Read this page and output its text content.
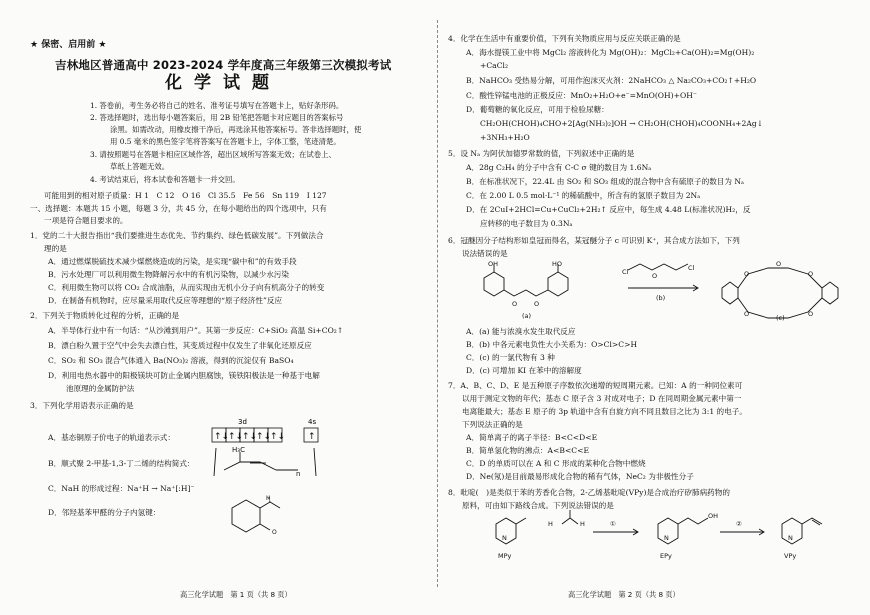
★ 保密、启用前 ★
吉林地区普通高中 2023-2024 学年度高三年级第三次模拟考试
化学试题
1. 答卷前，考生务必将自己的姓名、准考证号填写在答题卡上，贴好条形码。
2. 答选择题时，选出每小题答案后，用 2B 铅笔把答题卡对应题目的答案标号
涂黑。如需改动，用橡皮擦干净后，再选涂其他答案标号。答非选择题时，使
用 0.5 毫米的黑色签字笔将答案写在答题卡上，字体工整，笔迹清楚。
3. 请按照题号在答题卡相应区域作答，超出区域所写答案无效；在试卷上、
草纸上答题无效。
4. 考试结束后，将本试卷和答题卡一并交回。
可能用到的相对原子质量：H 1　C 12　O 16　Cl 35.5　Fe 56　Sn 119　I 127
一、选择题：本题共 15 小题，每题 3 分，共 45 分，在每小题给出的四个选项中，只有
一项是符合题目要求的。
1．党的二十大报告指出“我们要推进生态优先、节约集约、绿色低碳发展”。下列做法合
理的是
A．通过燃煤脱硫技术减少煤燃烧造成的污染，是实现“碳中和”的有效手段
B．污水处理厂可以利用微生物降解污水中的有机污染物，以减少水污染
C．利用微生物可以将 CO₂ 合成油脂，从而实现由无机小分子向有机高分子的转变
D．在制备有机物时，应尽量采用取代反应等理想的“原子经济性”反应
2．下列关于物质转化过程的分析，正确的是
A．半导体行业中有一句话：“从沙滩到用户”。其第一步反应：C+SiO₂ 高温 Si+CO₂↑
B．漂白粉久置于空气中会失去漂白性，其变质过程中仅发生了非氧化还原反应
C．SO₂ 和 SO₃ 混合气体通入 Ba(NO₃)₂ 溶液，得到的沉淀仅有 BaSO₄
D．利用电热水器中的阳极镁块可防止金属内胆腐蚀，镁铁阳极法是一种基于电解
池原理的金属防护法
3．下列化学用语表示正确的是
A．基态铜原子价电子的轨道表示式：
3d	4s
↑↓
↑↓
↑↓
↑↓
↑↓	↑
B．顺式聚 2-甲基-1,3-丁二烯的结构简式：
H₃C
n
C．NaH 的形成过程：Na⁺H → Na⁺[:H]⁻
D．邻羟基苯甲醛的分子内氢键：
H
O
高三化学试题　第 1 页（共 8 页）
4．化学在生活中有重要价值，下列有关物质应用与反应关联正确的是
A．海水提镁工业中将 MgCl₂ 溶液转化为 Mg(OH)₂：MgCl₂+Ca(OH)₂=Mg(OH)₂
+CaCl₂
B．NaHCO₃ 受热易分解，可用作泡沫灭火剂：2NaHCO₃ △ Na₂CO₃+CO₂↑+H₂O
C．酸性锌锰电池的正极反应：MnO₂+H₂O+e⁻=MnO(OH)+OH⁻
D．葡萄糖的氧化反应，可用于检验尿糖：
CH₂OH(CHOH)₄CHO+2[Ag(NH₃)₂]OH → CH₂OH(CHOH)₄COONH₄+2Ag↓
+3NH₃+H₂O
5．设 Nₐ 为阿伏加德罗常数的值，下列叙述中正确的是
A．28g C₂H₄ 的分子中含有 C-C σ 键的数目为 1.6Nₐ
B．在标准状况下，22.4L 由 SO₂ 和 SO₃ 组成的混合物中含有硫原子的数目为 Nₐ
C．在 2.00 L 0.5 mol·L⁻¹ 的稀硫酸中，所含有的氢原子数目为 2Nₐ
D．在 2CuI+2HCl=Cu+CuCl₂+2H₂↑ 反应中，每生成 4.48 L(标准状况)H₂，反
应转移的电子数目为 0.3Nₐ
6．冠醚因分子结构形如皇冠而得名，某冠醚分子 c 可识别 K⁺，其合成方法如下，下列
说法错误的是
OH	HO
O	O
Cl	Cl
O	O	O
O	O
O
(a)
(b)
(c)
A．(a) 能与浓溴水发生取代反应
B．(b) 中各元素电负性大小关系为：O>Cl>C>H
C．(c) 的一氯代物有 3 种
D．(c) 可增加 KI 在苯中的溶解度
7．A、B、C、D、E 是五种原子序数依次递增的短周期元素。已知：A 的一种同位素可
以用于测定文物的年代；基态 C 原子含 3 对成对电子；D 在同周期金属元素中第一
电离能最大；基态 E 原子的 3p 轨道中含有自旋方向不同且数目之比为 3:1 的电子。
下列说法正确的是
A．简单离子的离子半径：B<C<D<E
B．简单氢化物的沸点：A<B<C<E
C．D 的单质可以在 A 和 C 形成的某种化合物中燃烧
D．Ne(氖)是目前最易形成化合物的稀有气体，NeC₂ 为非极性分子
8．吡啶(　)是类似于苯的芳香化合物，2-乙烯基吡啶(VPy)是合成治疗矽肺病药物的
原料，可由如下路线合成。下列说法错误的是
N	N	N
H	H
OH
MPy	EPy	VPy
①	②
高三化学试题　第 2 页（共 8 页）
